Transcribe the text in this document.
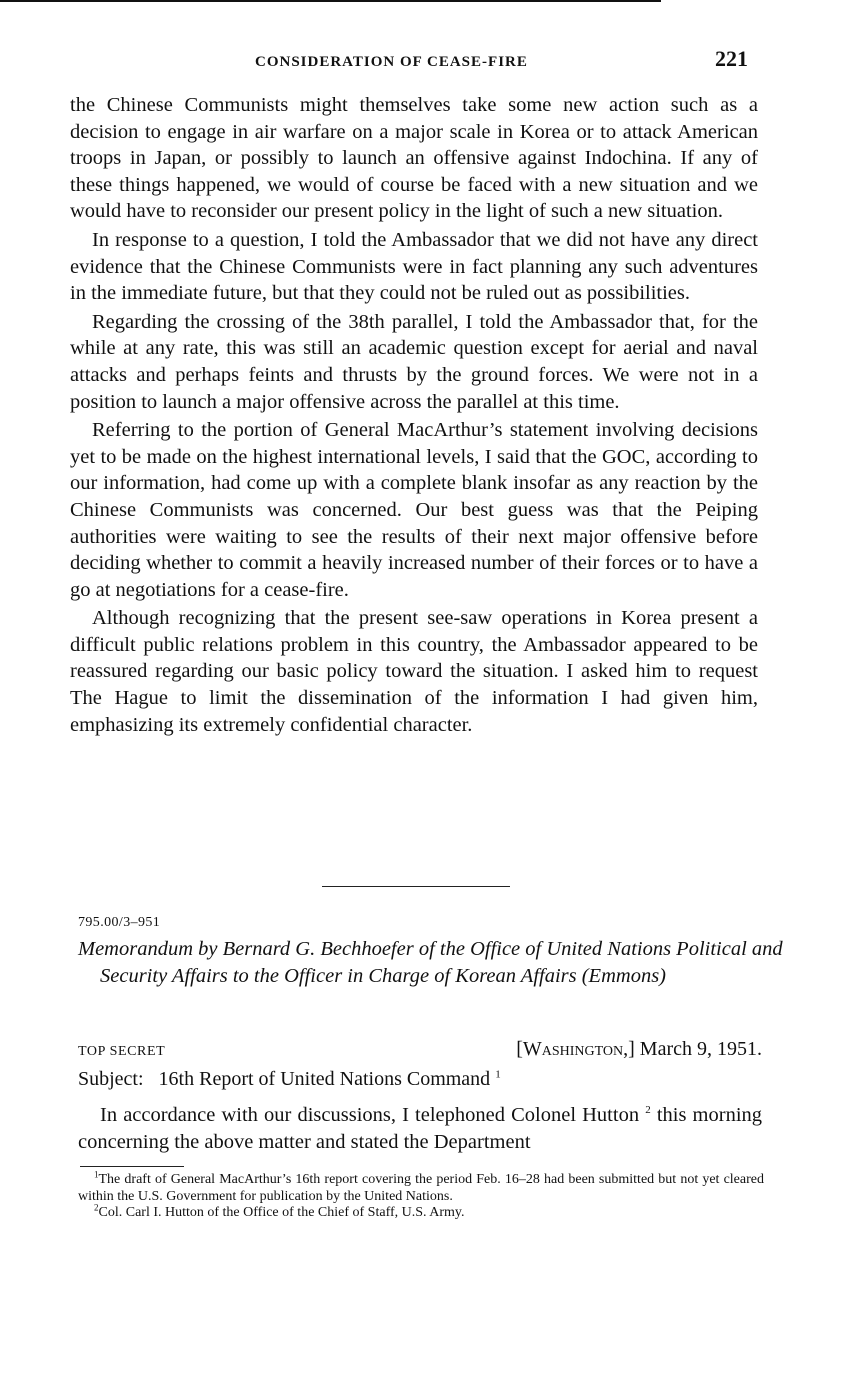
CONSIDERATION OF CEASE-FIRE	221

the Chinese Communists might themselves take some new action such as a decision to engage in air warfare on a major scale in Korea or to attack American troops in Japan, or possibly to launch an offensive against Indochina. If any of these things happened, we would of course be faced with a new situation and we would have to reconsider our present policy in the light of such a new situation.

In response to a question, I told the Ambassador that we did not have any direct evidence that the Chinese Communists were in fact planning any such adventures in the immediate future, but that they could not be ruled out as possibilities.

Regarding the crossing of the 38th parallel, I told the Ambassador that, for the while at any rate, this was still an academic question except for aerial and naval attacks and perhaps feints and thrusts by the ground forces. We were not in a position to launch a major offensive across the parallel at this time.

Referring to the portion of General MacArthur’s statement involving decisions yet to be made on the highest international levels, I said that the GOC, according to our information, had come up with a complete blank insofar as any reaction by the Chinese Communists was concerned. Our best guess was that the Peiping authorities were waiting to see the results of their next major offensive before deciding whether to commit a heavily increased number of their forces or to have a go at negotiations for a cease-fire.

Although recognizing that the present see-saw operations in Korea present a difficult public relations problem in this country, the Ambassador appeared to be reassured regarding our basic policy toward the situation. I asked him to request The Hague to limit the dissemination of the information I had given him, emphasizing its extremely confidential character.

795.00/3–951
Memorandum by Bernard G. Bechhoefer of the Office of United Nations Political and Security Affairs to the Officer in Charge of Korean Affairs (Emmons)
TOP SECRET	[Washington,] March 9, 1951.
Subject: 16th Report of United Nations Command $^1$

In accordance with our discussions, I telephoned Colonel Hutton $^2$ this morning concerning the above matter and stated the Department

$^1$The draft of General MacArthur’s 16th report covering the period Feb. 16–28 had been submitted but not yet cleared within the U.S. Government for publication by the United Nations.

$^2$Col. Carl I. Hutton of the Office of the Chief of Staff, U.S. Army.
